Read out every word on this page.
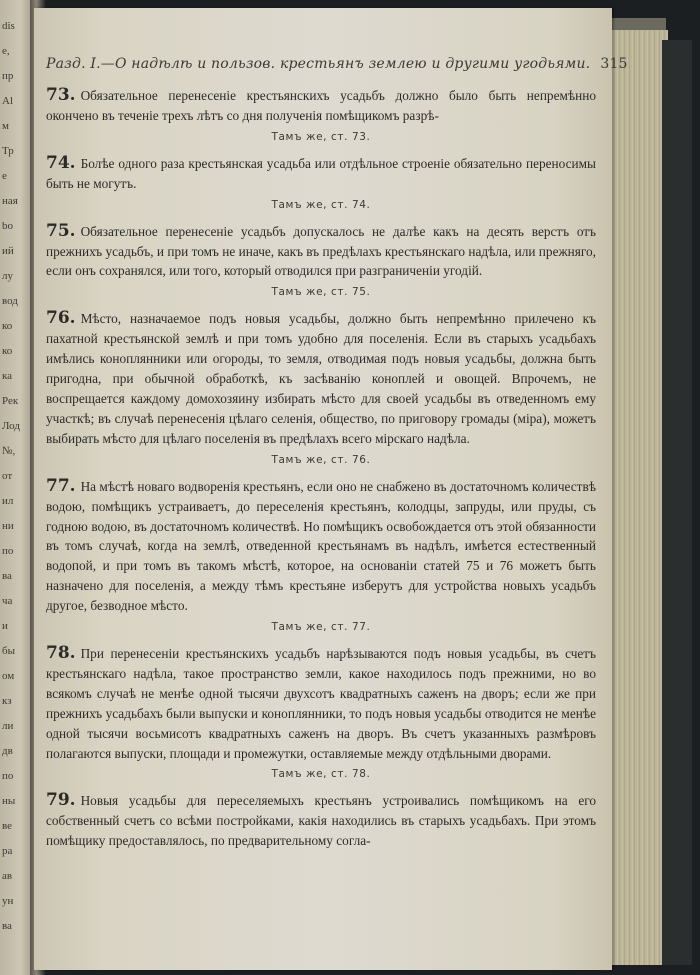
dis
e,
пр
Al
м
Тр
е
ная
bo
ий
лу
вод
ко
ко
ка
Рек
Лод
№,
от
ил
ни
по
ва
ча
и
бы
ом
кз
ли
дв
по
ны
ве
ра
ав
ун
ва
Разд. I.—О надѣлѣ и пользов. крестьянъ землею и другими угодьями. 315

73. Обязательное перенесеніе крестьянскихъ усадьбъ должно было быть непремѣнно окончено въ теченіе трехъ лѣтъ со дня полученія помѣщикомъ разрѣ-

Тамъ же, ст. 73.

74. Болѣе одного раза крестьянская усадьба или отдѣльное строеніе обязательно переносимы быть не могутъ.

Тамъ же, ст. 74.

75. Обязательное перенесеніе усадьбъ допускалось не далѣе какъ на десять верстъ отъ прежнихъ усадьбъ, и при томъ не иначе, какъ въ предѣлахъ крестьянскаго надѣла, или прежняго, если онъ сохранялся, или того, который отводился при разграниченіи угодій.

Тамъ же, ст. 75.

76. Мѣсто, назначаемое подъ новыя усадьбы, должно быть непремѣнно прилечено къ пахатной крестьянской землѣ и при томъ удобно для поселенія. Если въ старыхъ усадьбахъ имѣлись коноплянники или огороды, то земля, отводимая подъ новыя усадьбы, должна быть пригодна, при обычной обработкѣ, къ засѣванію коноплей и овощей. Впрочемъ, не воспрещается каждому домохозяину избирать мѣсто для своей усадьбы въ отведенномъ ему участкѣ; въ случаѣ перенесенія цѣлаго селенія, общество, по приговору громады (міра), можетъ выбирать мѣсто для цѣлаго поселенія въ предѣлахъ всего мірскаго надѣла.

Тамъ же, ст. 76.

77. На мѣстѣ новаго водворенія крестьянъ, если оно не снабжено въ достаточномъ количествѣ водою, помѣщикъ устраиваетъ, до переселенія крестьянъ, колодцы, запруды, или пруды, съ годною водою, въ достаточномъ количествѣ. Но помѣщикъ освобождается отъ этой обязанности въ томъ случаѣ, когда на землѣ, отведенной крестьянамъ въ надѣлъ, имѣется естественный водопой, и при томъ въ такомъ мѣстѣ, которое, на основаніи статей 75 и 76 можетъ быть назначено для поселенія, а между тѣмъ крестьяне изберутъ для устройства новыхъ усадьбъ другое, безводное мѣсто.

Тамъ же, ст. 77.

78. При перенесеніи крестьянскихъ усадьбъ нарѣзываются подъ новыя усадьбы, въ счетъ крестьянскаго надѣла, такое пространство земли, какое находилось подъ прежними, но во всякомъ случаѣ не менѣе одной тысячи двухсотъ квадратныхъ саженъ на дворъ; если же при прежнихъ усадьбахъ были выпуски и коноплянники, то подъ новыя усадьбы отводится не менѣе одной тысячи восьмисотъ квадратныхъ саженъ на дворъ. Въ счетъ указанныхъ размѣровъ полагаются выпуски, площади и промежутки, оставляемые между отдѣльными дворами.

Тамъ же, ст. 78.

79. Новыя усадьбы для переселяемыхъ крестьянъ устроивались помѣщикомъ на его собственный счетъ со всѣми постройками, какія находились въ старыхъ усадьбахъ. При этомъ помѣщику предоставлялось, по предварительному согла-
